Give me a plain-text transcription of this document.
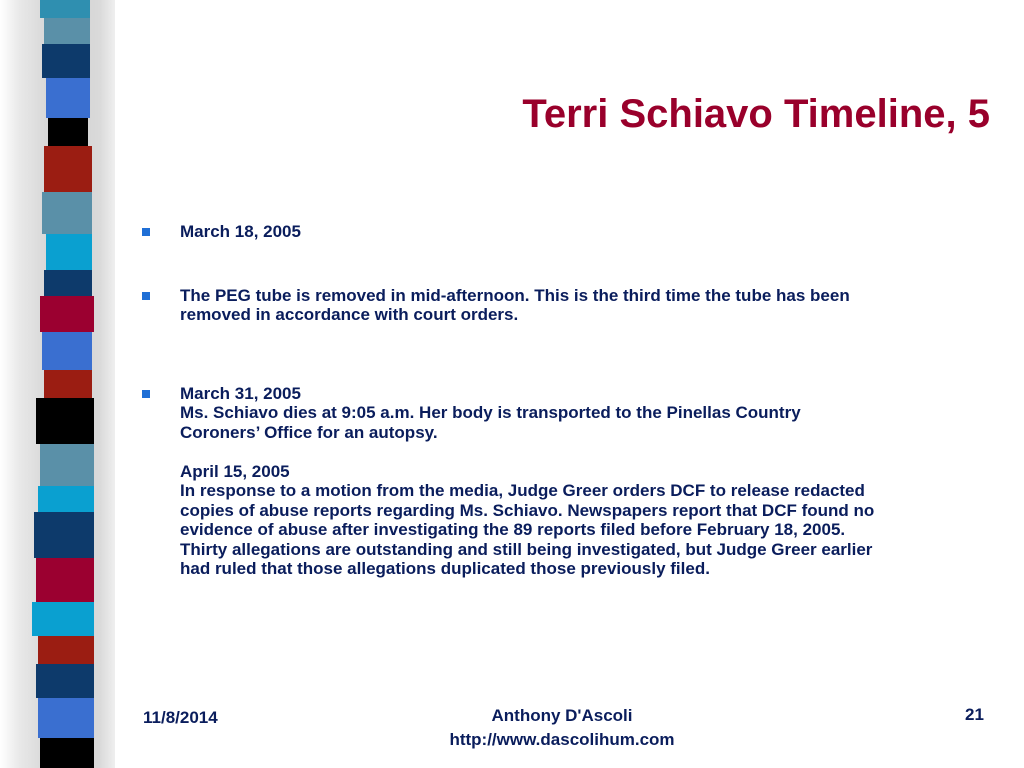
Terri Schiavo Timeline, 5
March 18, 2005
The PEG tube is removed in mid-afternoon. This is the third time the tube has been
removed in accordance with court orders.
March 31, 2005
Ms. Schiavo dies at 9:05 a.m. Her body is transported to the Pinellas Country
Coroners’ Office for an autopsy.
April 15, 2005
In response to a motion from the media, Judge Greer orders DCF to release redacted
copies of abuse reports regarding Ms. Schiavo. Newspapers report that DCF found no
evidence of abuse after investigating the 89 reports filed before February 18, 2005.
Thirty allegations are outstanding and still being investigated, but Judge Greer earlier
had ruled that those allegations duplicated those previously filed.
11/8/2014	Anthony D'Ascoli
http://www.dascolihum.com
21
